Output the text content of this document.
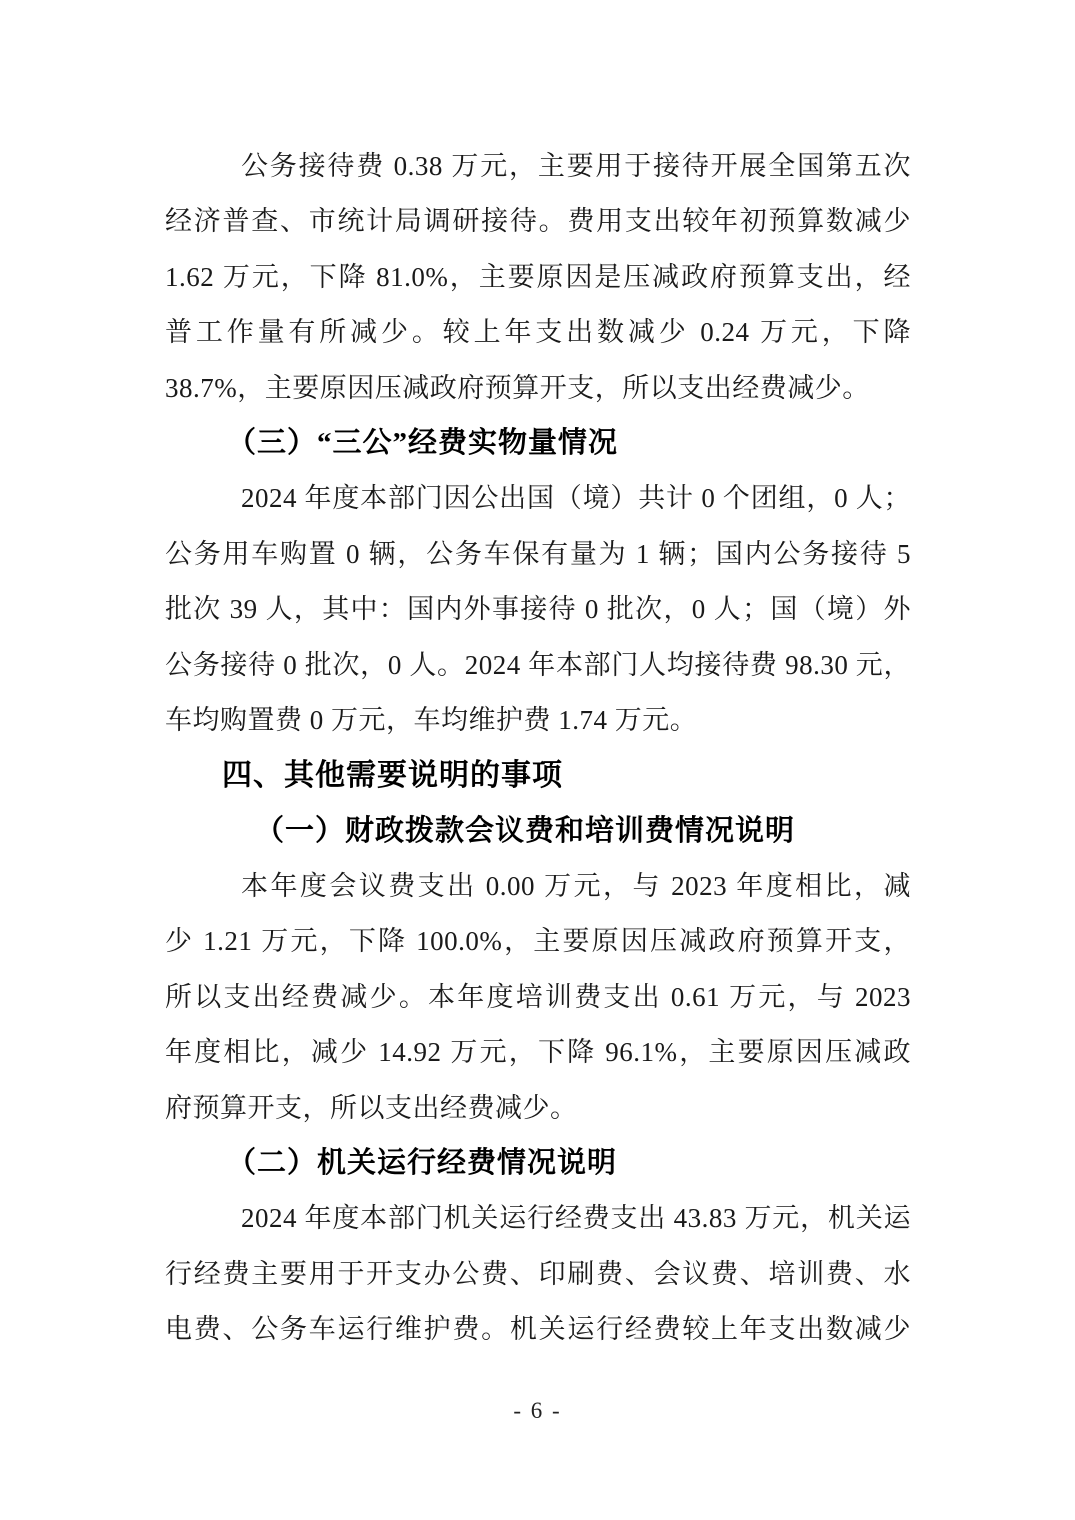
公务接待费 0.38 万元，主要用于接待开展全国第五次
经济普查、市统计局调研接待。费用支出较年初预算数减少
1.62 万元，下降 81.0%，主要原因是压减政府预算支出，经
普工作量有所减少。较上年支出数减少 0.24 万元，下降
38.7%，主要原因压减政府预算开支，所以支出经费减少。
（三）“三公”经费实物量情况
2024 年度本部门因公出国（境）共计 0 个团组，0 人；
公务用车购置 0 辆，公务车保有量为 1 辆；国内公务接待 5
批次 39 人，其中：国内外事接待 0 批次，0 人；国（境）外
公务接待 0 批次，0 人。2024 年本部门人均接待费 98.30 元，
车均购置费 0 万元，车均维护费 1.74 万元。
四、其他需要说明的事项
（一）财政拨款会议费和培训费情况说明
本年度会议费支出 0.00 万元，与 2023 年度相比，减
少 1.21 万元，下降 100.0%，主要原因压减政府预算开支，
所以支出经费减少。本年度培训费支出 0.61 万元，与 2023
年度相比，减少 14.92 万元，下降 96.1%，主要原因压减政
府预算开支，所以支出经费减少。
（二）机关运行经费情况说明
2024 年度本部门机关运行经费支出 43.83 万元，机关运
行经费主要用于开支办公费、印刷费、会议费、培训费、水
电费、公务车运行维护费。机关运行经费较上年支出数减少
- 6 -
